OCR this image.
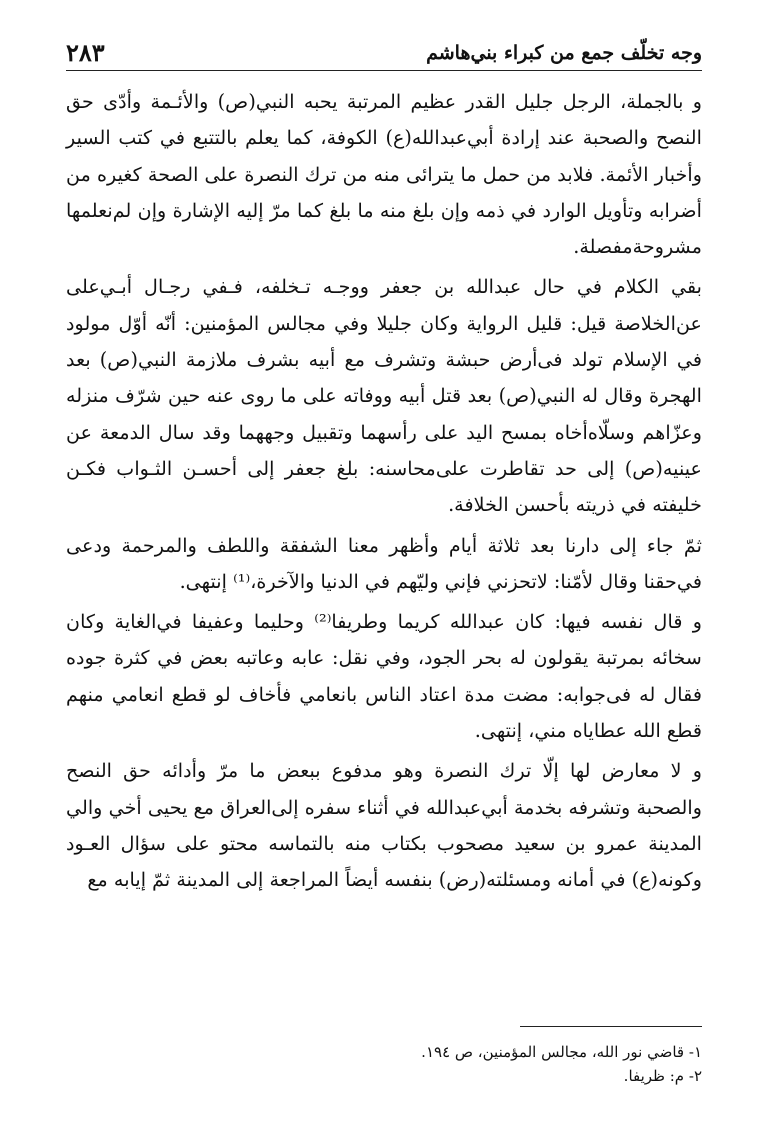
وجه تخلّف جمع من كبراء بني‌هاشم
٢٨٣

و بالجملة، الرجل جليل القدر عظيم المرتبة يحبه النبي(ص) والأئـمة وأدّى حق النصح والصحبة عند إرادة أبي‌عبدالله(ع) الكوفة، كما يعلم بالتتبع في كتب السير وأخبار الأئمة. فلابد من حمل ما يترائى منه من ترك النصرة على الصحة كغيره من أضرابه وتأويل الوارد في ذمه وإن بلغ منه ما بلغ كما مرّ إليه الإشارة وإن لم‌نعلمها مشروحة‌مفصلة.

بقي الكلام في حال عبدالله بن جعفر ووجـه تـخلفه، فـفي رجـال أبـي‌على عن‌الخلاصة قيل: قليل الرواية وكان جليلا وفي مجالس المؤمنين: أنّه أوّل مولود في الإسلام تولد فى‌أرض حبشة وتشرف مع أبيه بشرف ملازمة النبي(ص) بعد الهجرة وقال له النبي(ص) بعد قتل أبيه ووفاته على ما روى عنه حين شرّف منزله وعزّاهم وسلّاه‌أخاه بمسح اليد على رأسهما وتقبيل وجههما وقد سال الدمعة عن عينيه(ص) إلى حد تقاطرت على‌محاسنه: بلغ جعفر إلى أحسـن الثـواب فكـن خليفته في ذريته بأحسن الخلافة.

ثمّ جاء إلى دارنا بعد ثلاثة أيام وأظهر معنا الشفقة واللطف والمرحمة ودعى في‌حقنا وقال لأمّنا: لاتحزني فإني وليّهم في الدنيا والآخرة،⁽¹⁾ إنتهى.

و قال نفسه فيها: كان عبدالله كريما وطريفا⁽²⁾ وحليما وعفيفا في‌الغاية وكان سخائه بمرتبة يقولون له بحر الجود، وفي نقل: عابه وعاتبه بعض في كثرة جوده فقال له فى‌جوابه: مضت مدة اعتاد الناس بانعامي فأخاف لو قطع انعامي منهم قطع الله عطاياه مني، إنتهى.

و لا معارض لها إلّا ترك النصرة وهو مدفوع ببعض ما مرّ وأدائه حق النصح والصحبة وتشرفه بخدمة أبي‌عبدالله في أثناء سفره إلى‌العراق مع يحيى أخي والي المدينة عمرو بن سعيد مصحوب بكتاب منه بالتماسه محتو على سؤال العـود وكونه(ع) في أمانه ومسئلته(رض) بنفسه أيضاً المراجعة إلى المدينة ثمّ إيابه مع

١- قاضي نور الله، مجالس المؤمنين، ص ١٩٤.

٢- م: ظريفا.
